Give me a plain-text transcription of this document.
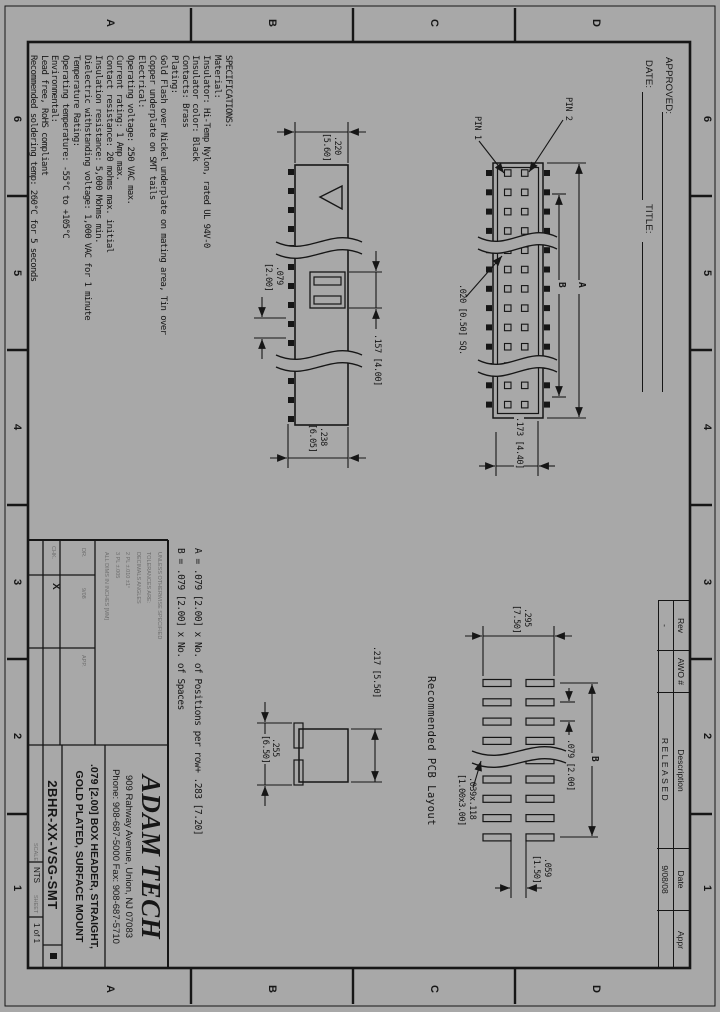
APPROVED:
DATE:
TITLE:
Rev
AWO #
Description
Date
Appr
-
RELEASED
9/08/08
.220
[5.60]
.079
[2.00]
.157 [4.00]
.238
[6.05]
A
B
PIN 2
PIN 1
.020 [0.50] SQ.
.173 [4.40]
.217 [5.50]
.255
[6.50]
.295
[7.50]
B
.079 [2.00]
.059
[1.50]
.039x.118
[1.00x3.00]
Recommended PCB Layout
A = .079 [2.00] x No. of Positions per row+ .283 [7.20]
B = .079 [2.00] x No. of Spaces
ADAM TECH
909 Rahway Avenue, Union, NJ 07083
Phone: 908-687-5000 Fax: 908-687-5710
.079 [2.00] BOX HEADER, STRAIGHT,
GOLD PLATED, SURFACE MOUNT
2BHR-XX-VSG-SMT
SCALE
NTS
SHEET
1 of 1
X
6
6
5
5
4
4
3
3
2
2
1
1
D
D
C
C
B
B
A
A
SPECIFICATIONS:
Material:
Insulator: Hi-Temp Nylon, rated UL 94V-0
Insulator color: Black
Contacts: Brass
Plating:
Gold Flash over Nickel underplate on mating area, Tin over
Copper underplate on SMT tails
Electrical:
Operating voltage: 250 VAC max.
Current rating: 1 Amp max.
Contact resistance: 20 mohms max. initial
Insulation resistance: 5,000 Mohms min.
Dielectric withstanding voltage: 1,000 VAC for 1 minute
Temperature Rating:
Operating temperature: -55°C to +105°C
Environmental:
Lead free, RoHS compliant
Recommended soldering temp: 260°C for 5 seconds
UNLESS OTHERWISE SPECIFIED
TOLERANCES ARE:
DECIMALS ANGLES
2 PL ±.010 ±1°
3 PL ±.005
ALL DIMS IN INCHES [MM]
DR.
9/08
APP.
CHK.
